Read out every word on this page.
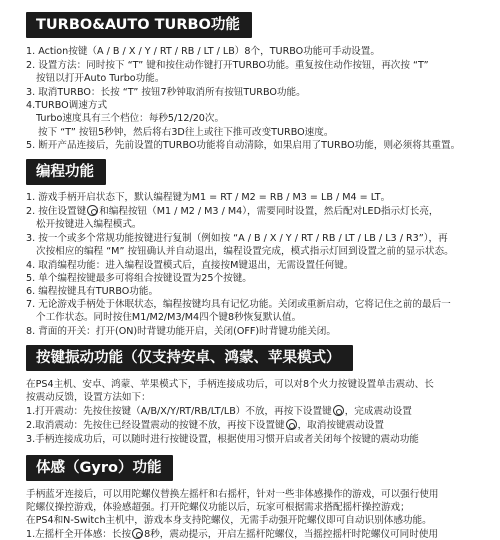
TURBO&AUTO TURBO功能
1. Action按键（A / B / X / Y / RT / RB / LT / LB）8个，TURBO功能可手动设置。
2. 设置方法：同时按下 “T” 键和按住动作键打开TURBO功能。重复按住动作按钮，再次按 “T”
按钮以打开Auto Turbo功能。
3. 取消TURBO：长按 “T” 按钮7秒钟取消所有按钮TURBO功能。
4.TURBO调速方式
Turbo速度具有三个档位：每秒5/12/20次。
按下 “T” 按钮5秒钟，然后将右3D往上或往下推可改变TURBO速度。
5. 断开产品连接后，先前设置的TURBO功能将自动清除，如果启用了TURBO功能，则必须将其重置。
编程功能
1. 游戏手柄开启状态下，默认编程键为M1 = RT / M2 = RB / M3 = LB / M4 = LT。
2. 按住设置键 和编程按钮（M1 / M2 / M3 / M4），需要同时设置，然后配对LED指示灯长亮，
松开按键进入编程模式。
3. 按一个或多个常规功能按键进行复制（例如按 “A / B / X / Y / RT / RB / LT / LB / L3 / R3”），再
次按相应的编程 “M” 按钮确认并自动退出，编程设置完成，模式指示灯回到设置之前的显示状态。
4. 取消编程功能：进入编程设置模式后，直接按M键退出，无需设置任何键。
5. 单个编程按键最多可将组合按键设置为25个按键。
6. 编程按键具有TURBO功能。
7. 无论游戏手柄处于休眠状态，编程按键均具有记忆功能。关闭或重新启动，它将记住之前的最后一
个工作状态。同时按住M1/M2/M3/M4四个键8秒恢复默认值。
8. 背面的开关：打开(ON)时背键功能开启，关闭(OFF)时背键功能关闭。
按键振动功能（仅支持安卓、鸿蒙、苹果模式）
在PS4主机、安卓、鸿蒙、苹果模式下，手柄连接成功后，可以对8个火力按键设置单击震动、长
按震动反馈，设置方法如下：
1.打开震动：先按住按键（A/B/X/Y/RT/RB/LT/LB）不放，再按下设置键 ，完成震动设置
2.取消震动：先按住已经设置震动的按键不放，再按下设置键 ，取消按键震动设置
3.手柄连接成功后，可以随时进行按键设置，根据使用习惯开启或者关闭每个按键的震动功能
体感（Gyro）功能
手柄蓝牙连接后，可以用陀螺仪替换左摇杆和右摇杆，针对一些非体感操作的游戏，可以强行使用
陀螺仪操控游戏，体验感超强。打开陀螺仪功能以后，玩家可根据需求搭配摇杆操控游戏；
在PS4和N-Switch主机中，游戏本身支持陀螺仪，无需手动强开陀螺仪即可自动识别体感功能。
1.左摇杆全开体感：长按 8秒，震动提示，开启左摇杆陀螺仪，当摇控摇杆时陀螺仪可同时使用
